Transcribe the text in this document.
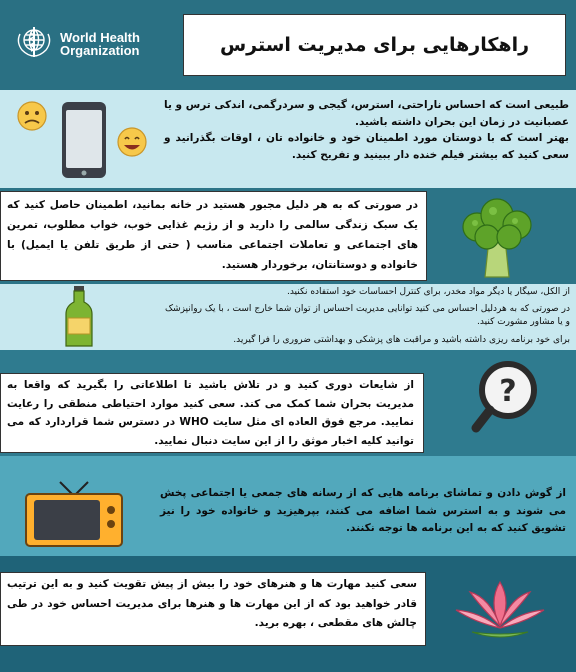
World Health
Organization	راهکارهایی برای مدیریت استرس

طبیعی است که احساس ناراحتی، استرس، گیجی و سردرگمی، اندکی ترس و یا عصبانیت در زمان این بحران داشته باشید.

بهتر است که با دوستان مورد اطمینان خود و خانواده تان ، اوقات بگذرانید و سعی کنید که بیشتر فیلم خنده دار ببینید و تفریح کنید.

در صورتی که به هر دلیل مجبور هستید در خانه بمانید، اطمینان حاصل کنید که یک سبک زندگی سالمی را دارید و از رژیم غذایی خوب، خواب مطلوب، تمرین های اجتماعی و تعاملات اجتماعی مناسب ( حتی از طریق تلفن یا ایمیل) با خانواده و دوستانتان، برخوردار هستید.

از الکل، سیگار یا دیگر مواد مخدر، برای کنترل احساسات خود استفاده نکنید.

در صورتی که به هردلیل احساس می کنید توانایی مدیریت احساس از توان شما خارج است ، با یک روانپزشک و یا مشاور مشورت کنید.

برای خود برنامه ریزی داشته باشید و مراقبت های پزشکی و بهداشتی ضروری را فرا گیرید.

از شایعات دوری کنید و در تلاش باشید تا اطلاعاتی را بگیرید که واقعا به مدیریت بحران شما کمک می کند. سعی کنید موارد احتیاطی منطقی را رعایت نمایید. مرجع فوق العاده ای مثل سایت WHO در دسترس شما قراردارد که می توانید کلیه اخبار موثق را از این سایت دنبال نمایید.

?

از گوش دادن و تماشای برنامه هایی که از رسانه های جمعی یا اجتماعی پخش می شوند و به استرس شما اضافه می کنند، بپرهیزید و خانواده خود را نیز تشویق کنید که به این برنامه ها توجه نکنند.

سعی کنید مهارت ها و هنرهای خود را بیش از پیش تقویت کنید و به این ترتیب قادر خواهید بود که از این مهارت ها و هنرها برای مدیریت احساس خود در طی چالش های مقطعی ، بهره برید.
